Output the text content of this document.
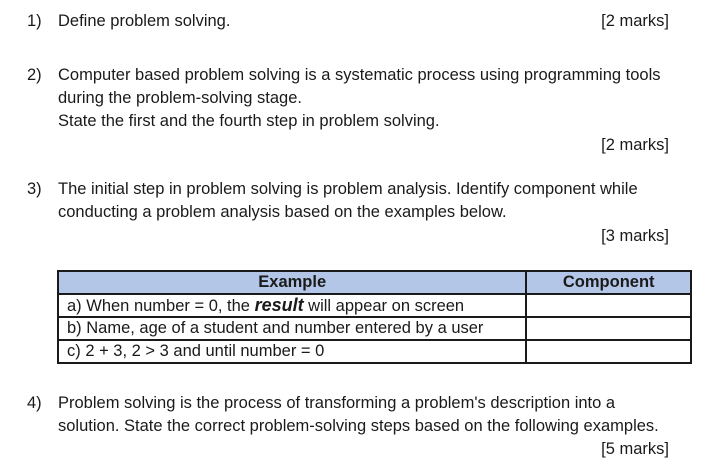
1) Define problem solving.	[2 marks]
2) Computer based problem solving is a systematic process using programming tools
during the problem-solving stage.
State the first and the fourth step in problem solving.
[2 marks]
3) The initial step in problem solving is problem analysis. Identify component while
conducting a problem analysis based on the examples below.
[3 marks]
Example	Component
a) When number = 0, the result will appear on screen	
b) Name, age of a student and number entered by a user	
c) 2 + 3, 2 > 3 and until number = 0	
4) Problem solving is the process of transforming a problem's description into a
solution. State the correct problem-solving steps based on the following examples.
[5 marks]
